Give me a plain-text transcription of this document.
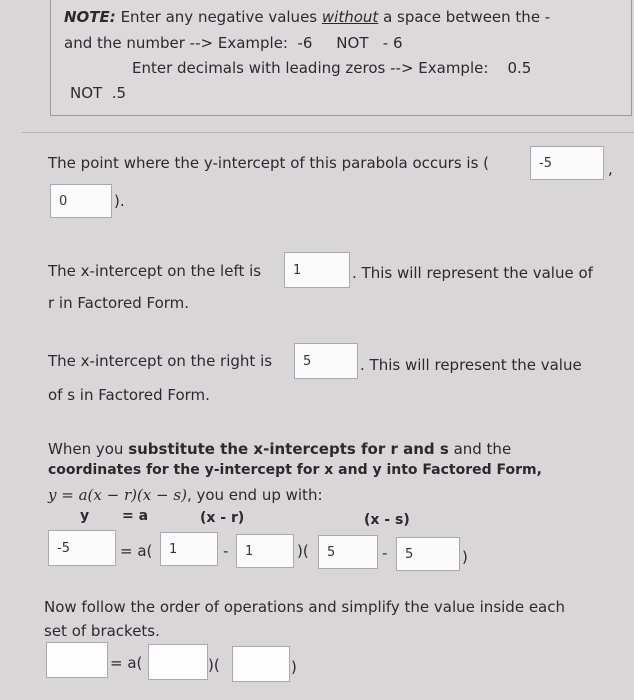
NOTE: Enter any negative values without a space between the -
and the number --> Example:  -6     NOT   - 6
Enter decimals with leading zeros --> Example:    0.5
NOT  .5
The point where the y-intercept of this parabola occurs is (	-5	,
0	).
The x-intercept on the left is	1	. This will represent the value of
r in Factored Form.
The x-intercept on the right is	5	. This will represent the value
of s in Factored Form.
When you substitute the x-intercepts for r and s and the
coordinates for the y-intercept for x and y into Factored Form,
y = a(x − r)(x − s), you end up with:
y = a	(x - r)	(x - s)
-5	= a(	1	-	1	)(	5	-	5	)
Now follow the order of operations and simplify the value inside each
set of brackets.
= a(	)(	)
